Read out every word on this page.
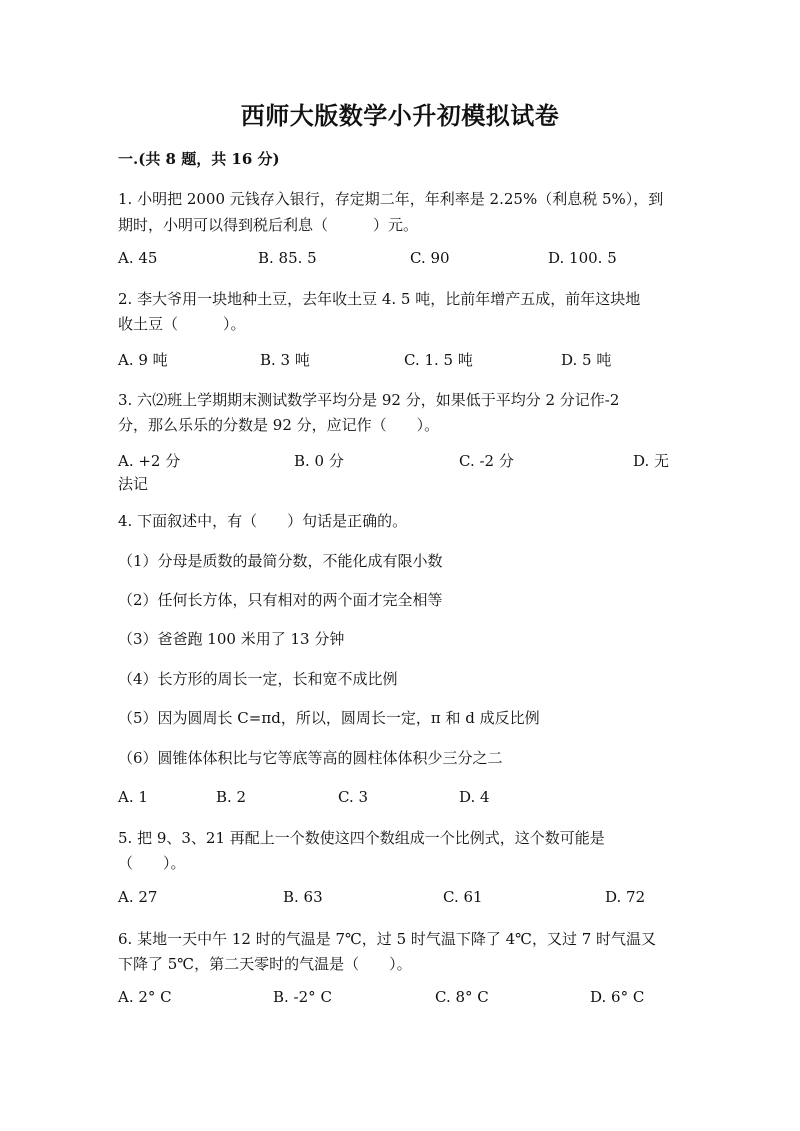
西师大版数学小升初模拟试卷
一.(共 8 题，共 16 分)
1. 小明把 2000 元钱存入银行，存定期二年，年利率是 2.25%（利息税 5%），到
期时，小明可以得到税后利息（　　　）元。
A. 45	B. 85. 5	C. 90	D. 100. 5
2. 李大爷用一块地种土豆，去年收土豆 4. 5 吨，比前年增产五成，前年这块地
收土豆（　　　）。
A. 9 吨	B. 3 吨	C. 1. 5 吨	D. 5 吨
3. 六⑵班上学期期末测试数学平均分是 92 分，如果低于平均分 2 分记作-2
分，那么乐乐的分数是 92 分，应记作（　　）。
A. +2 分	B. 0 分	C. -2 分	D. 无
法记
4. 下面叙述中，有（　　）句话是正确的。
（1）分母是质数的最简分数，不能化成有限小数
（2）任何长方体，只有相对的两个面才完全相等
（3）爸爸跑 100 米用了 13 分钟
（4）长方形的周长一定，长和宽不成比例
（5）因为圆周长 C=πd，所以，圆周长一定，π 和 d 成反比例
（6）圆锥体体积比与它等底等高的圆柱体体积少三分之二
A. 1	B. 2	C. 3	D. 4
5. 把 9、3、21 再配上一个数使这四个数组成一个比例式，这个数可能是
（　　）。
A. 27	B. 63	C. 61	D. 72
6. 某地一天中午 12 时的气温是 7℃，过 5 时气温下降了 4℃，又过 7 时气温又
下降了 5℃，第二天零时的气温是（　　）。
A. 2° C	B. -2° C	C. 8° C	D. 6° C
